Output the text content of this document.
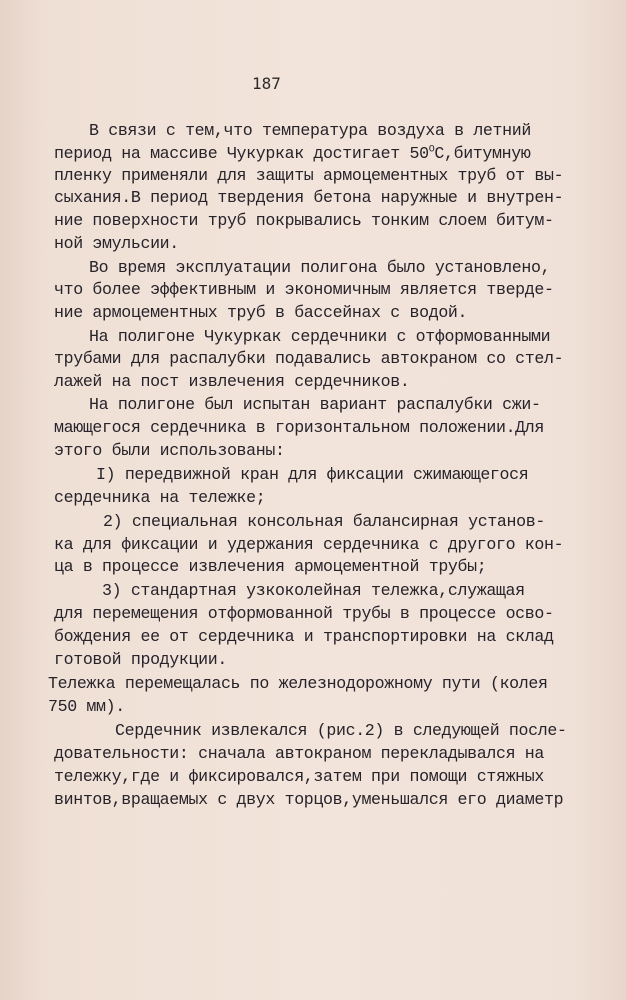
187

В связи с тем,что температура воздуха в летний

период на массиве Чукуркак достигает $50^OС,битумную$

пленку применяли для защиты армоцементных труб от вы-

сыхания.В период твердения бетона наружные и внутрен-

ние поверхности труб покрывались тонким слоем битум-

ной эмульсии.

Во время эксплуатации полигона было установлено,

что более эффективным и экономичным является тверде-

ние армоцементных труб в бассейнах с водой.

На полигоне Чукуркак сердечники с отформованными

трубами для распалубки подавались автокраном со стел-

лажей на пост извлечения сердечников.

На полигоне был испытан вариант распалубки сжи-

мающегося сердечника в горизонтальном положении.Для

этого были использованы:

I) передвижной кран для фиксации сжимающегося

сердечника на тележке;

2) специальная консольная балансирная установ-

ка для фиксации и удержания сердечника с другого кон-

ца в процессе извлечения армоцементной трубы;

3) стандартная узкоколейная тележка,служащая

для перемещения отформованной трубы в процессе осво-

бождения ее от сердечника и транспортировки на склад

готовой продукции.

Тележка перемещалась по железнодорожному пути (колея

750 мм).

Сердечник извлекался (рис.2) в следующей после-

довательности: сначала автокраном перекладывался на

тележку,где и фиксировался,затем при помощи стяжных

винтов,вращаемых с двух торцов,уменьшался его диаметр
